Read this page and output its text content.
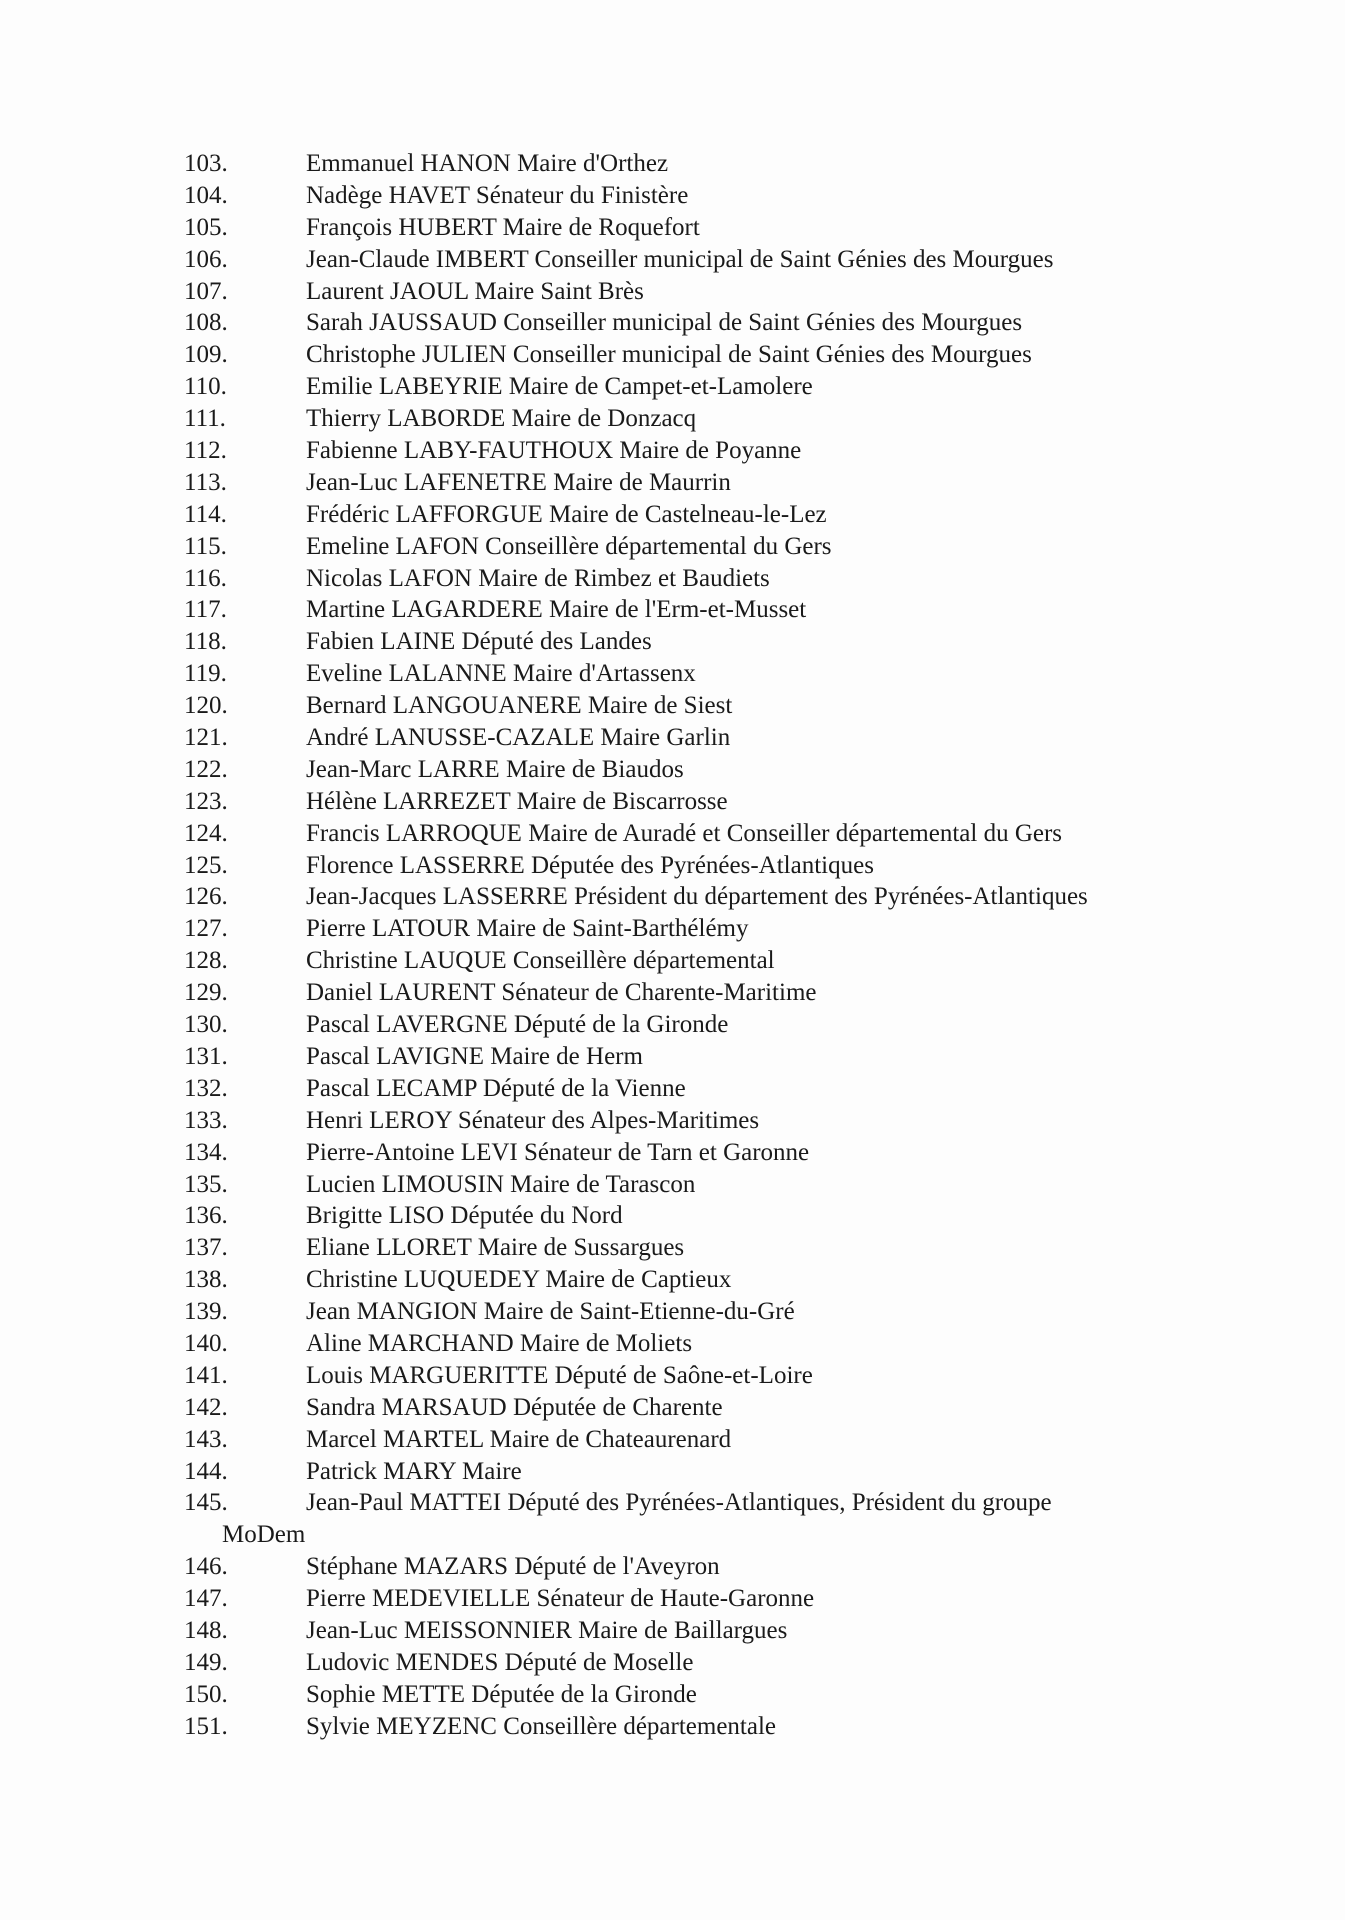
103.	Emmanuel HANON Maire d'Orthez
104.	Nadège HAVET Sénateur du Finistère
105.	François HUBERT Maire de Roquefort
106.	Jean-Claude IMBERT Conseiller municipal de Saint Génies des Mourgues
107.	Laurent JAOUL Maire Saint Brès
108.	Sarah JAUSSAUD Conseiller municipal de Saint Génies des Mourgues
109.	Christophe JULIEN Conseiller municipal de Saint Génies des Mourgues
110.	Emilie LABEYRIE Maire de Campet-et-Lamolere
111.	Thierry LABORDE Maire de Donzacq
112.	Fabienne LABY-FAUTHOUX Maire de Poyanne
113.	Jean-Luc LAFENETRE Maire de Maurrin
114.	Frédéric LAFFORGUE Maire de Castelneau-le-Lez
115.	Emeline LAFON Conseillère départemental du Gers
116.	Nicolas LAFON Maire de Rimbez et Baudiets
117.	Martine LAGARDERE Maire de l'Erm-et-Musset
118.	Fabien LAINE Député des Landes
119.	Eveline LALANNE Maire d'Artassenx
120.	Bernard LANGOUANERE Maire de Siest
121.	André LANUSSE-CAZALE Maire Garlin
122.	Jean-Marc LARRE Maire de Biaudos
123.	Hélène LARREZET Maire de Biscarrosse
124.	Francis LARROQUE Maire de Auradé et Conseiller départemental du Gers
125.	Florence LASSERRE Députée des Pyrénées-Atlantiques
126.	Jean-Jacques LASSERRE Président du département des Pyrénées-Atlantiques
127.	Pierre LATOUR Maire de Saint-Barthélémy
128.	Christine LAUQUE Conseillère départemental
129.	Daniel LAURENT Sénateur de Charente-Maritime
130.	Pascal LAVERGNE Député de la Gironde
131.	Pascal LAVIGNE Maire de Herm
132.	Pascal LECAMP Député de la Vienne
133.	Henri LEROY Sénateur des Alpes-Maritimes
134.	Pierre-Antoine LEVI Sénateur de Tarn et Garonne
135.	Lucien LIMOUSIN Maire de Tarascon
136.	Brigitte LISO Députée du Nord
137.	Eliane LLORET Maire de Sussargues
138.	Christine LUQUEDEY Maire de Captieux
139.	Jean MANGION Maire de Saint-Etienne-du-Gré
140.	Aline MARCHAND Maire de Moliets
141.	Louis MARGUERITTE Député de Saône-et-Loire
142.	Sandra MARSAUD Députée de Charente
143.	Marcel MARTEL Maire de Chateaurenard
144.	Patrick MARY Maire
145.	Jean-Paul MATTEI Député des Pyrénées-Atlantiques, Président du groupe
MoDem
146.	Stéphane MAZARS Député de l'Aveyron
147.	Pierre MEDEVIELLE Sénateur de Haute-Garonne
148.	Jean-Luc MEISSONNIER Maire de Baillargues
149.	Ludovic MENDES Député de Moselle
150.	Sophie METTE Députée de la Gironde
151.	Sylvie MEYZENC Conseillère départementale
